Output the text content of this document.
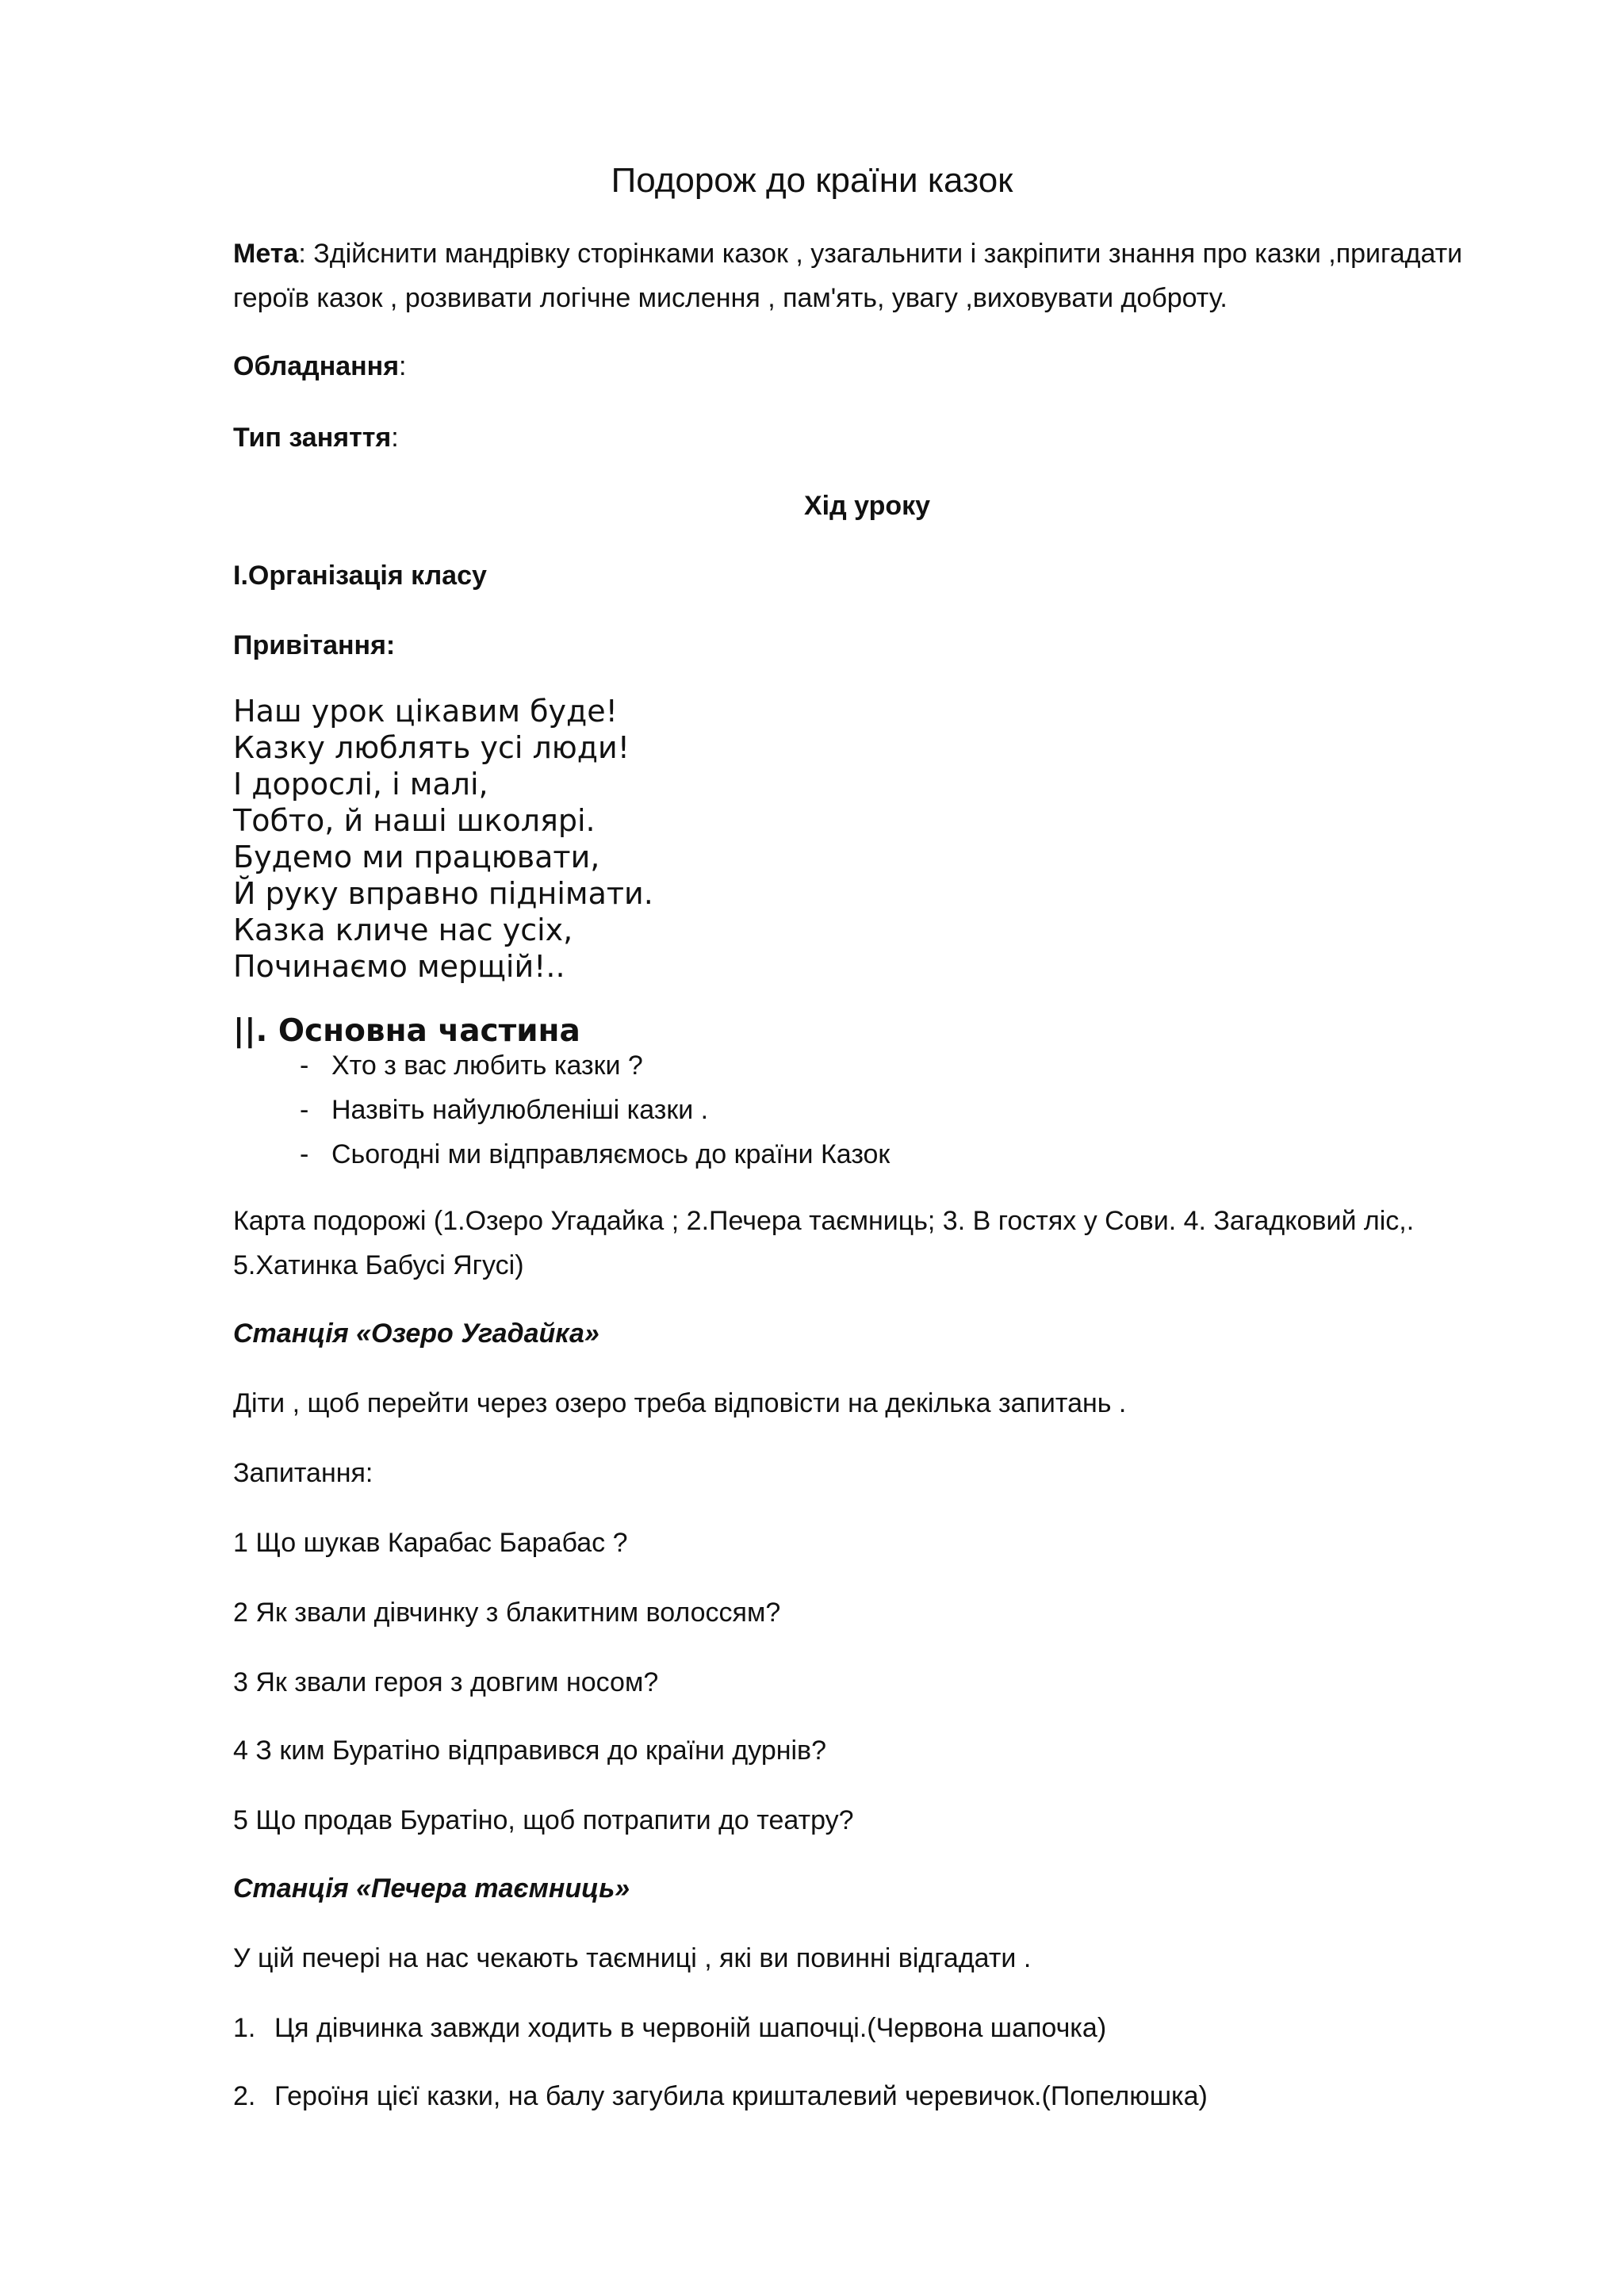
Подорож до країни казок

Мета: Здійснити мандрівку сторінками казок , узагальнити і закріпити знання про казки ,пригадати

героїв казок , розвивати логічне мислення , пам'ять, увагу ,виховувати доброту.

Обладнання:

Тип заняття:

Хід уроку

І.Організація класу

Привітання:

Наш урок цікавим буде!
Казку люблять усі люди!
І дорослі, і малі,
Тобто, й наші школярі.
Будемо ми працювати,
Й руку вправно піднімати.
Казка кличе нас усіх,
Починаємо мерщій!..

||. Основна частина

- Хто з вас любить казки ?
- Назвіть найулюбленіші казки .
- Сьогодні ми відправляємось до країни Казок

Карта подорожі (1.Озеро Угадайка ; 2.Печера таємниць; 3. В гостях у Сови. 4. Загадковий ліс,.

5.Хатинка Бабусі Ягусі)

Станція «Озеро Угадайка»

Діти , щоб перейти через озеро треба відповісти на декілька запитань .

Запитання:

1 Що шукав Карабас Барабас ?

2 Як звали дівчинку з блакитним волоссям?

3 Як звали героя з довгим носом?

4 З ким Буратіно відправився до країни дурнів?

5 Що продав Буратіно, щоб потрапити до театру?

Станція «Печера таємниць»

У цій печері на нас чекають таємниці , які ви повинні відгадати .

1. Ця дівчинка завжди ходить в червоній шапочці.(Червона шапочка)
2. Героїня цієї казки, на балу загубила кришталевий черевичок.(Попелюшка)
